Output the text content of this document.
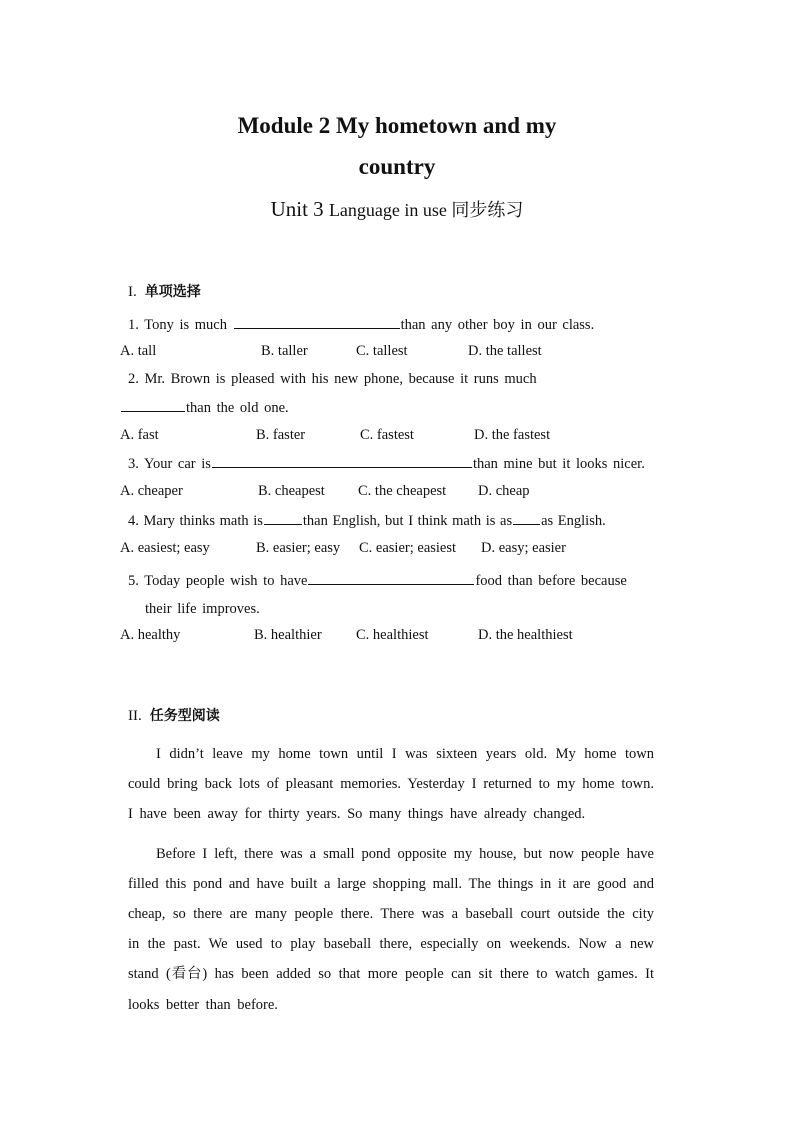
Module 2 My hometown and my
country
Unit 3 Language in use 同步练习
I. 单项选择
1. Tony is much	than any other boy in our class.
A. tall	B. taller	C. tallest	D. the tallest
2. Mr. Brown is pleased with his new phone, because it runs much
than the old one.
A. fast	B. faster	C. fastest	D. the fastest
3. Your car is	than mine but it looks nicer.
A. cheaper	B. cheapest C. the cheapest D. cheap
4. Mary thinks math is	than English, but I think math is as as English.
A. easiest; easy	B. easier; easy C. easier; easiest D. easy; easier
5. Today people wish to have	food than before because
their life improves.
A. healthy	B. healthier C. healthiest	D. the healthiest
II. 任务型阅读

I didn’t leave my home town until I was sixteen years old. My home town could bring back lots of pleasant memories. Yesterday I returned to my home town. I have been away for thirty years. So many things have already changed.

Before I left, there was a small pond opposite my house, but now people have filled this pond and have built a large shopping mall. The things in it are good and cheap, so there are many people there. There was a baseball court outside the city in the past. We used to play baseball there, especially on weekends. Now a new stand (看台) has been added so that more people can sit there to watch games. It looks better than before.
